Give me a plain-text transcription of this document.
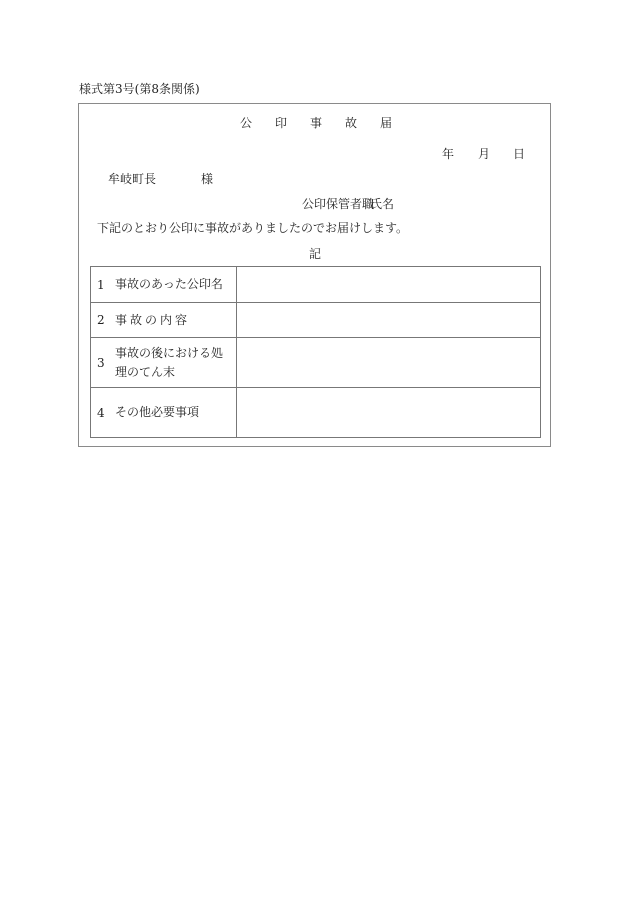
様式第3号(第8条関係)
公 印 事 故 届
年 月 日
牟岐町長	様
公印保管者職
氏名
下記のとおり公印に事故がありましたのでお届けします。
記
1 事故のあった公印名	
2 事故の内容	
3事故の後における処理のてん末	
4 その他必要事項	
